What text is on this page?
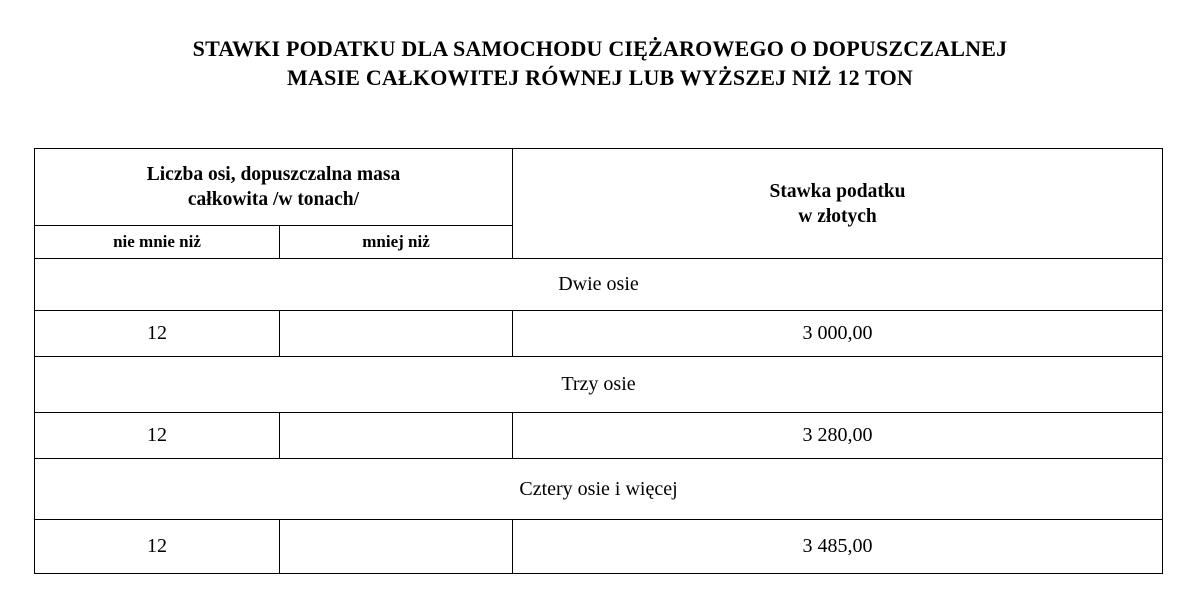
STAWKI PODATKU DLA SAMOCHODU CIĘŻAROWEGO O DOPUSZCZALNEJ
MASIE CAŁKOWITEJ RÓWNEJ LUB WYŻSZEJ NIŻ 12 TON
Liczba osi, dopuszczalna masa
całkowita /w tonach/		Stawka podatku
w złotych

nie mnie niż	mniej niż	
Dwie osie		
12		3 000,00
Trzy osie		
12		3 280,00
Cztery osie i więcej		
12		3 485,00
